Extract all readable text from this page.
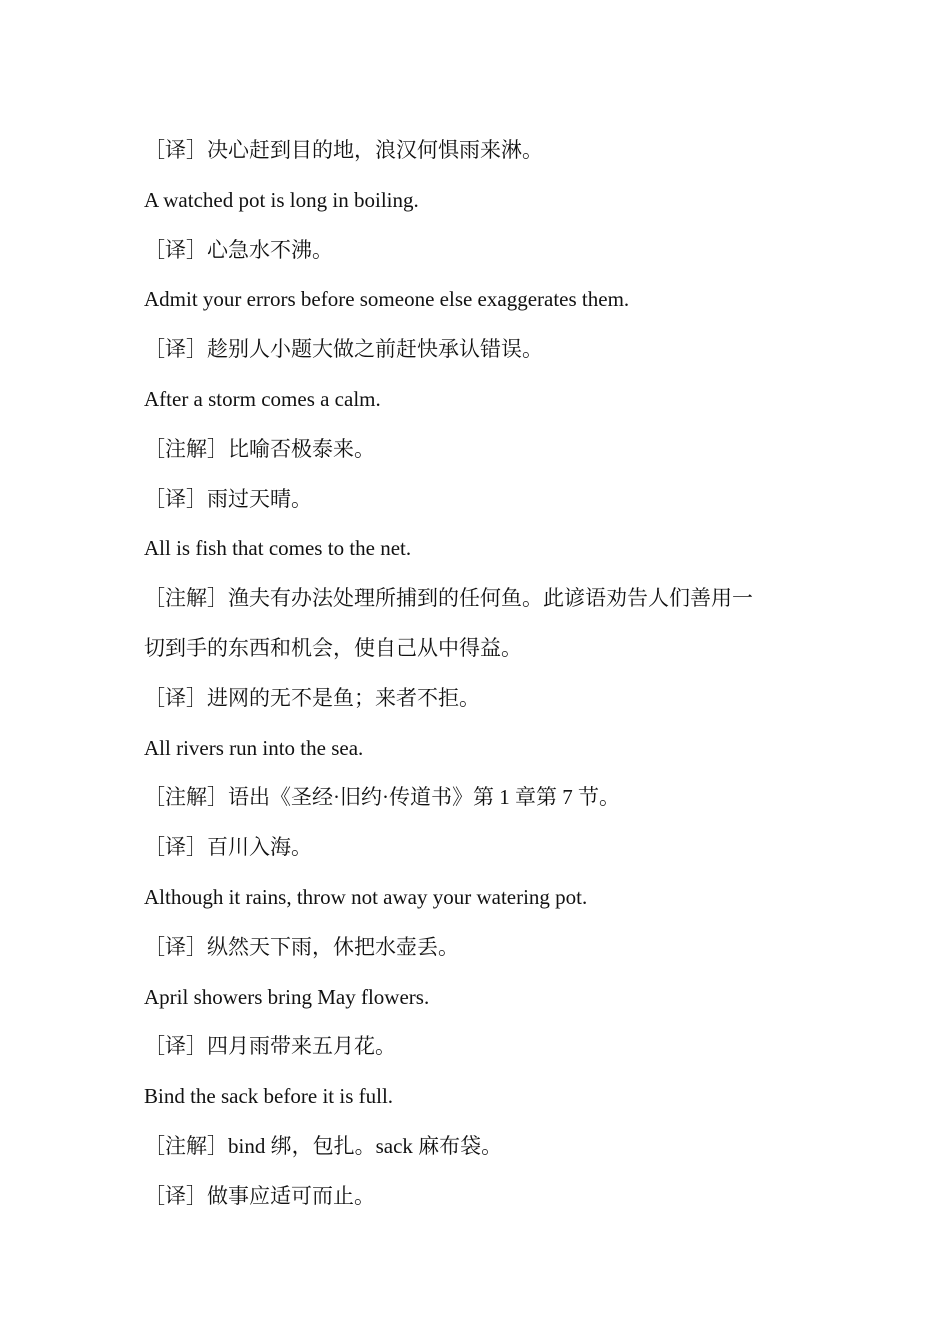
［译］决心赶到目的地，浪汉何惧雨来淋。
A watched pot is long in boiling.
［译］心急水不沸。
Admit your errors before someone else exaggerates them.
［译］趁别人小题大做之前赶快承认错误。
After a storm comes a calm.
［注解］比喻否极泰来。
［译］雨过天晴。
All is fish that comes to the net.
［注解］渔夫有办法处理所捕到的任何鱼。此谚语劝告人们善用一
切到手的东西和机会，使自己从中得益。
［译］进网的无不是鱼；来者不拒。
All rivers run into the sea.
［注解］语出《圣经·旧约·传道书》第 1 章第 7 节。
［译］百川入海。
Although it rains, throw not away your watering pot.
［译］纵然天下雨，休把水壶丢。
April showers bring May flowers.
［译］四月雨带来五月花。
Bind the sack before it is full.
［注解］bind 绑，包扎。sack 麻布袋。
［译］做事应适可而止。
